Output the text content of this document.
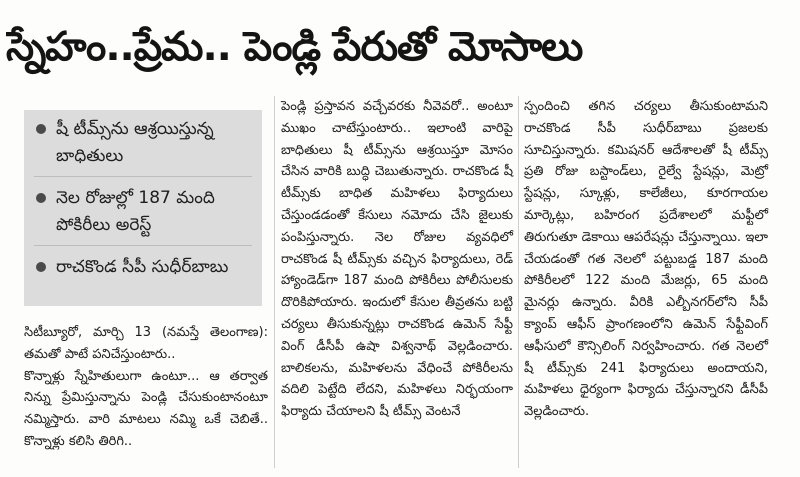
స్నేహం..ప్రేమ.. పెండ్లి పేరుతో మోసాలు
షీ టీమ్స్‌ను ఆశ్రయిస్తున్న బాధితులు
నెల రోజుల్లో 187 మంది పోకిరీలు అరెస్ట్
రాచకొండ సీపీ సుధీర్‌బాబు

సిటీబ్యూరో, మార్చి 13 (నమస్తే తెలంగాణ): తమతో పాటే పనిచేస్తుంటారు..

కొన్నాళ్లు స్నేహితులుగా ఉంటూ... ఆ తర్వాత నిన్ను ప్రేమిస్తున్నాను పెండ్లి చేసుకుంటానంటూ నమ్మిస్తారు. వారి మాటలు నమ్మి ఒకే చెబితే.. కొన్నాళ్లు కలిసి తిరిగి..

పెండ్లి ప్రస్తావన వచ్చేవరకు నీవెవరో.. అంటూ ముఖం చాటేస్తుంటారు.. ఇలాంటి వారిపై బాధితులు షీ టీమ్స్‌ను ఆశ్రయిస్తూ మోసం చేసిన వారికి బుద్ధి చెబుతున్నారు. రాచకొండ షీ టీమ్స్‌కు బాధిత మహిళలు ఫిర్యాదులు చేస్తుండడంతో కేసులు నమోదు చేసి జైలుకు పంపిస్తున్నారు. నెల రోజుల వ్యవధిలో రాచకొండ షీ టీమ్స్‌కు వచ్చిన ఫిర్యాదులు, రెడ్ హ్యాండెడ్‌గా 187 మంది పోకిరీలు పోలీసులకు దొరికిపోయారు. ఇందులో కేసుల తీవ్రతను బట్టి చర్యలు తీసుకున్నట్లు రాచకొండ ఉమెన్ సేఫ్టీ వింగ్ డీసీపీ ఉషా విశ్వనాథ్ వెల్లడించారు. బాలికలను, మహిళలను వేధించే పోకిరీలను వదిలి పెట్టేది లేదని, మహిళలు నిర్భయంగా ఫిర్యాదు చేయాలని షీ టీమ్స్ వెంటనే

స్పందించి తగిన చర్యలు తీసుకుంటామని రాచకొండ సీపీ సుధీర్‌బాబు ప్రజలకు సూచిస్తున్నారు. కమిషనర్ ఆదేశాలతో షీ టీమ్స్ ప్రతి రోజు బస్టాండ్‌లు, రైల్వే స్టేషన్లు, మెట్రో స్టేషన్లు, స్కూళ్లు, కాలేజీలు, కూరగాయల మార్కెట్లు, బహిరంగ ప్రదేశాలలో మఫ్టీలో తిరుగుతూ డెకాయి ఆపరేషన్లు చేస్తున్నాయి. ఇలా చేయడంతో గత నెలలో పట్టుబడ్డ 187 మంది పోకిరీలలో 122 మంది మేజర్లు, 65 మంది మైనర్లు ఉన్నారు. వీరికి ఎల్బీనగర్‌లోని సీపీ క్యాంప్ ఆఫీస్ ప్రాంగణంలోని ఉమెన్ సేఫ్టీవింగ్ ఆఫీసులో కౌన్సిలింగ్ నిర్వహించారు. గత నెలలో షీ టీమ్స్‌కు 241 ఫిర్యాదులు అందాయని, మహిళలు ధైర్యంగా ఫిర్యాదు చేస్తున్నారని డీసీపీ వెల్లడించారు.
